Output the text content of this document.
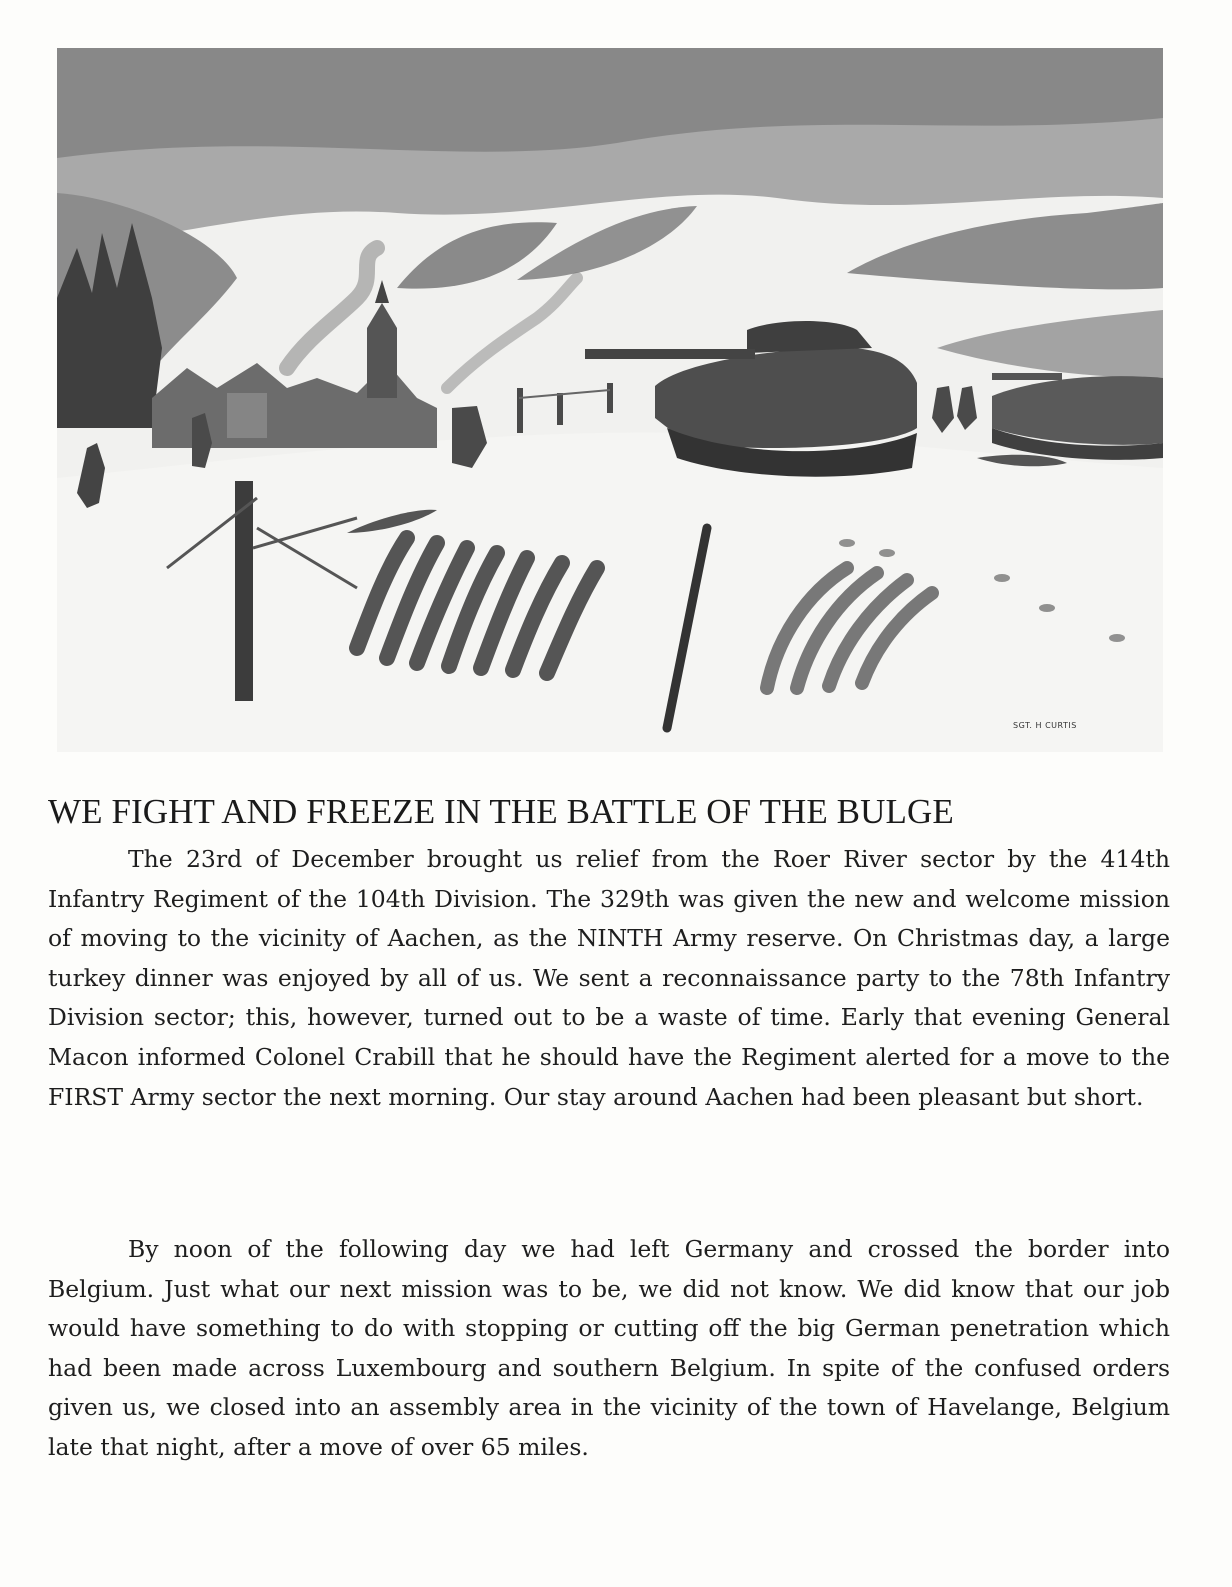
SGT. H CURTIS
WE FIGHT AND FREEZE IN THE BATTLE OF THE BULGE

The 23rd of December brought us relief from the Roer River sector by the 414th Infantry Regiment of the 104th Division. The 329th was given the new and welcome mission of moving to the vicinity of Aachen, as the NINTH Army reserve. On Christmas day, a large turkey dinner was enjoyed by all of us. We sent a reconnaissance party to the 78th Infantry Division sector; this, however, turned out to be a waste of time. Early that evening General Macon informed Colonel Crabill that he should have the Regiment alerted for a move to the FIRST Army sector the next morning. Our stay around Aachen had been pleasant but short.

By noon of the following day we had left Germany and crossed the border into Belgium. Just what our next mission was to be, we did not know. We did know that our job would have something to do with stopping or cutting off the big German penetration which had been made across Luxembourg and southern Belgium. In spite of the confused orders given us, we closed into an assembly area in the vicinity of the town of Havelange, Belgium late that night, after a move of over 65 miles.
